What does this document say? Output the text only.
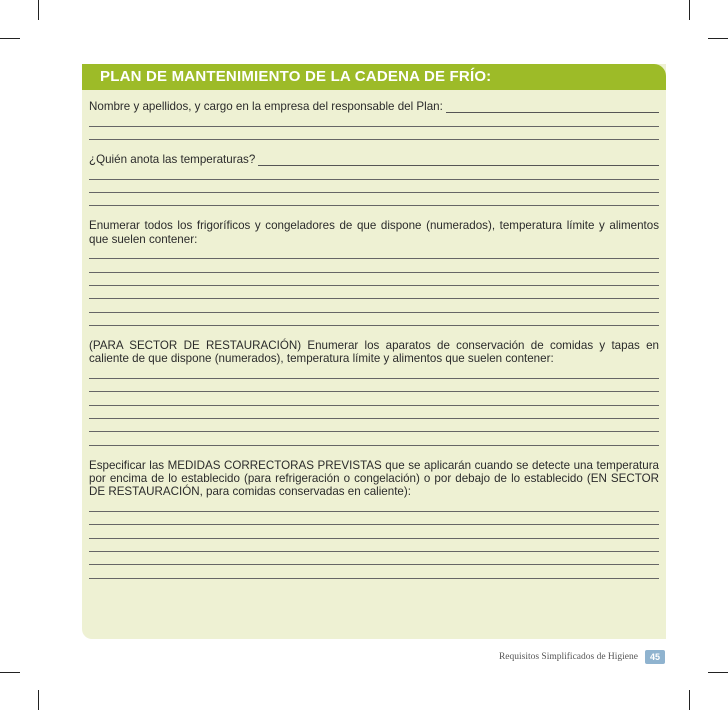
PLAN DE MANTENIMIENTO DE LA CADENA DE FRÍO:
Nombre y apellidos, y cargo en la empresa del responsable del Plan:
¿Quién anota las temperaturas?
Enumerar todos los frigoríficos y congeladores de que dispone (numerados), temperatura límite y alimentos que suelen contener:
(PARA SECTOR DE RESTAURACIÓN) Enumerar los aparatos de conservación de comidas y tapas en caliente de que dispone (numerados), temperatura límite y alimentos que suelen contener:
Especificar las MEDIDAS CORRECTORAS PREVISTAS que se aplicarán cuando se detecte una temperatura por encima de lo establecido (para refrigeración o congelación) o por debajo de lo establecido (EN SECTOR DE RESTAURACIÓN, para comidas conservadas en caliente):
Requisitos Simplificados de Higiene	45
